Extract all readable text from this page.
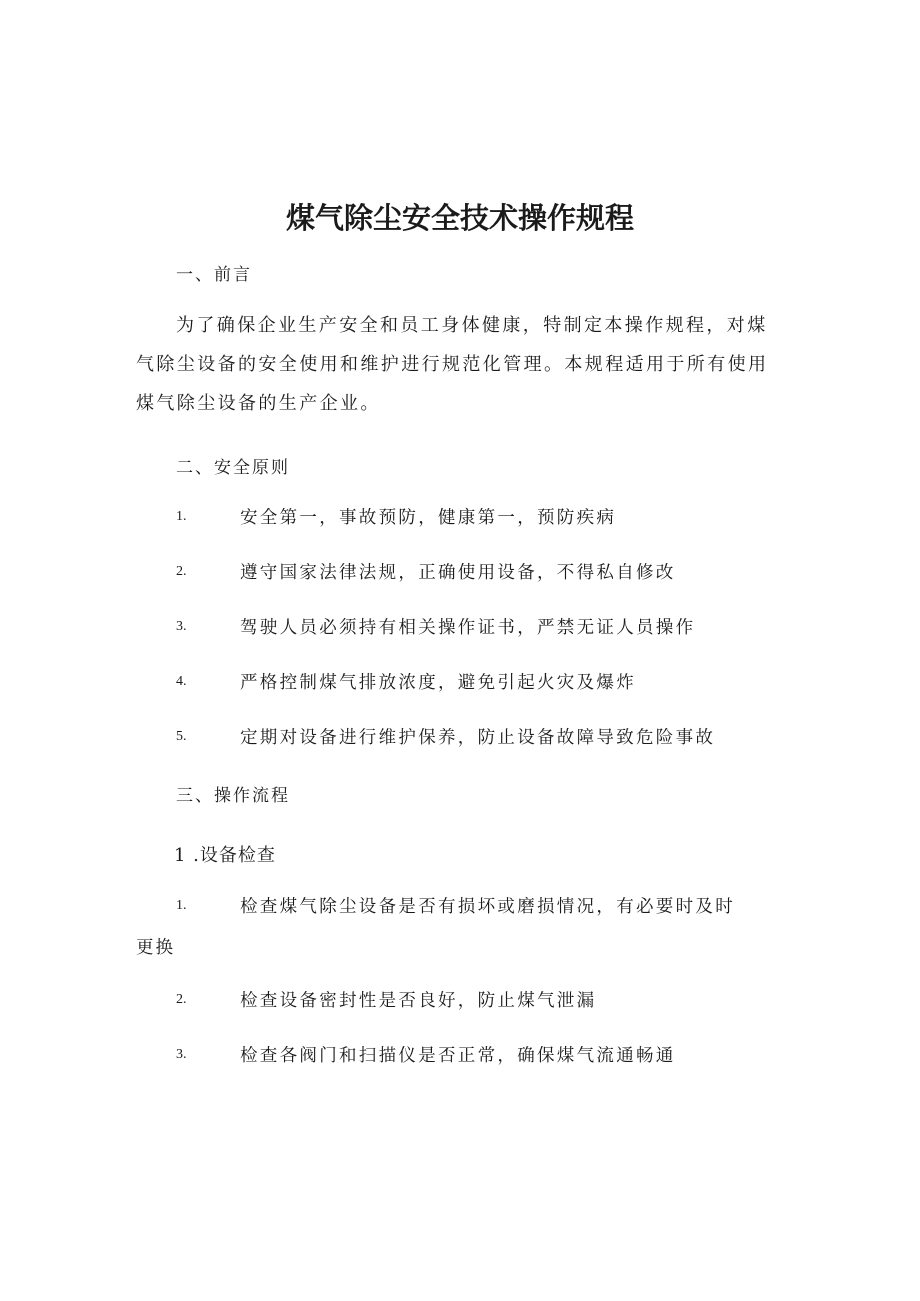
煤气除尘安全技术操作规程
一、前言

为了确保企业生产安全和员工身体健康，特制定本操作规程，对煤气除尘设备的安全使用和维护进行规范化管理。本规程适用于所有使用煤气除尘设备的生产企业。

二、安全原则
1.	安全第一，事故预防，健康第一，预防疾病
2.	遵守国家法律法规，正确使用设备，不得私自修改
3.	驾驶人员必须持有相关操作证书，严禁无证人员操作
4.	严格控制煤气排放浓度，避免引起火灾及爆炸
5.	定期对设备进行维护保养，防止设备故障导致危险事故
三、操作流程
1 .设备检查
1.	检查煤气除尘设备是否有损坏或磨损情况，有必要时及时
更换
2.	检查设备密封性是否良好，防止煤气泄漏
3.	检查各阀门和扫描仪是否正常，确保煤气流通畅通
